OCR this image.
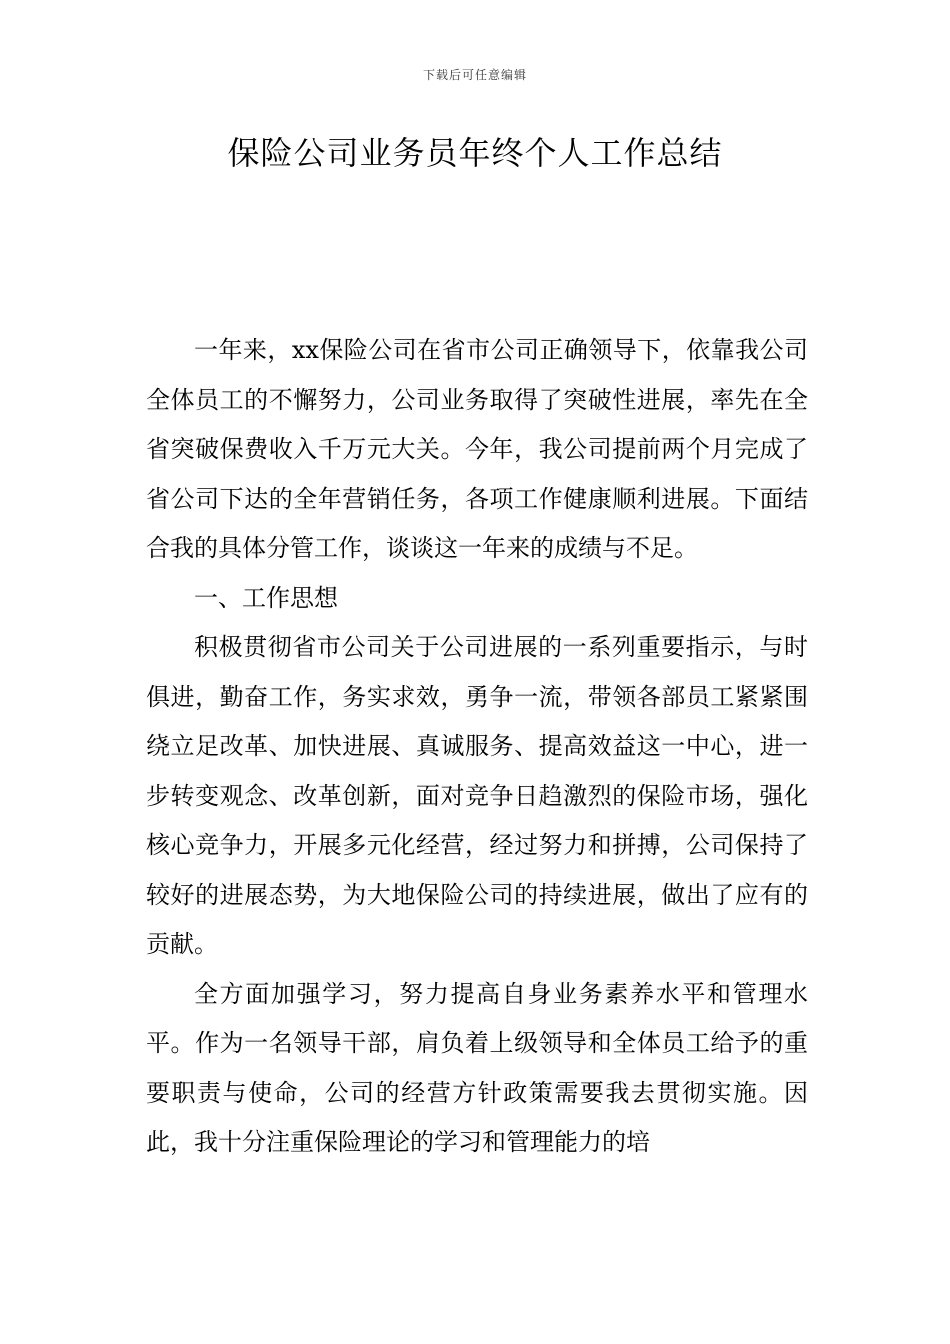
下载后可任意编辑
保险公司业务员年终个人工作总结

一年来，xx保险公司在省市公司正确领导下，依靠我公司全体员工的不懈努力，公司业务取得了突破性进展，率先在全省突破保费收入千万元大关。今年，我公司提前两个月完成了省公司下达的全年营销任务，各项工作健康顺利进展。下面结合我的具体分管工作，谈谈这一年来的成绩与不足。

一、工作思想

积极贯彻省市公司关于公司进展的一系列重要指示，与时俱进，勤奋工作，务实求效，勇争一流，带领各部员工紧紧围绕立足改革、加快进展、真诚服务、提高效益这一中心，进一步转变观念、改革创新，面对竞争日趋激烈的保险市场，强化核心竞争力，开展多元化经营，经过努力和拼搏，公司保持了较好的进展态势，为大地保险公司的持续进展，做出了应有的贡献。

全方面加强学习，努力提高自身业务素养水平和管理水平。作为一名领导干部，肩负着上级领导和全体员工给予的重要职责与使命，公司的经营方针政策需要我去贯彻实施。因此，我十分注重保险理论的学习和管理能力的培
